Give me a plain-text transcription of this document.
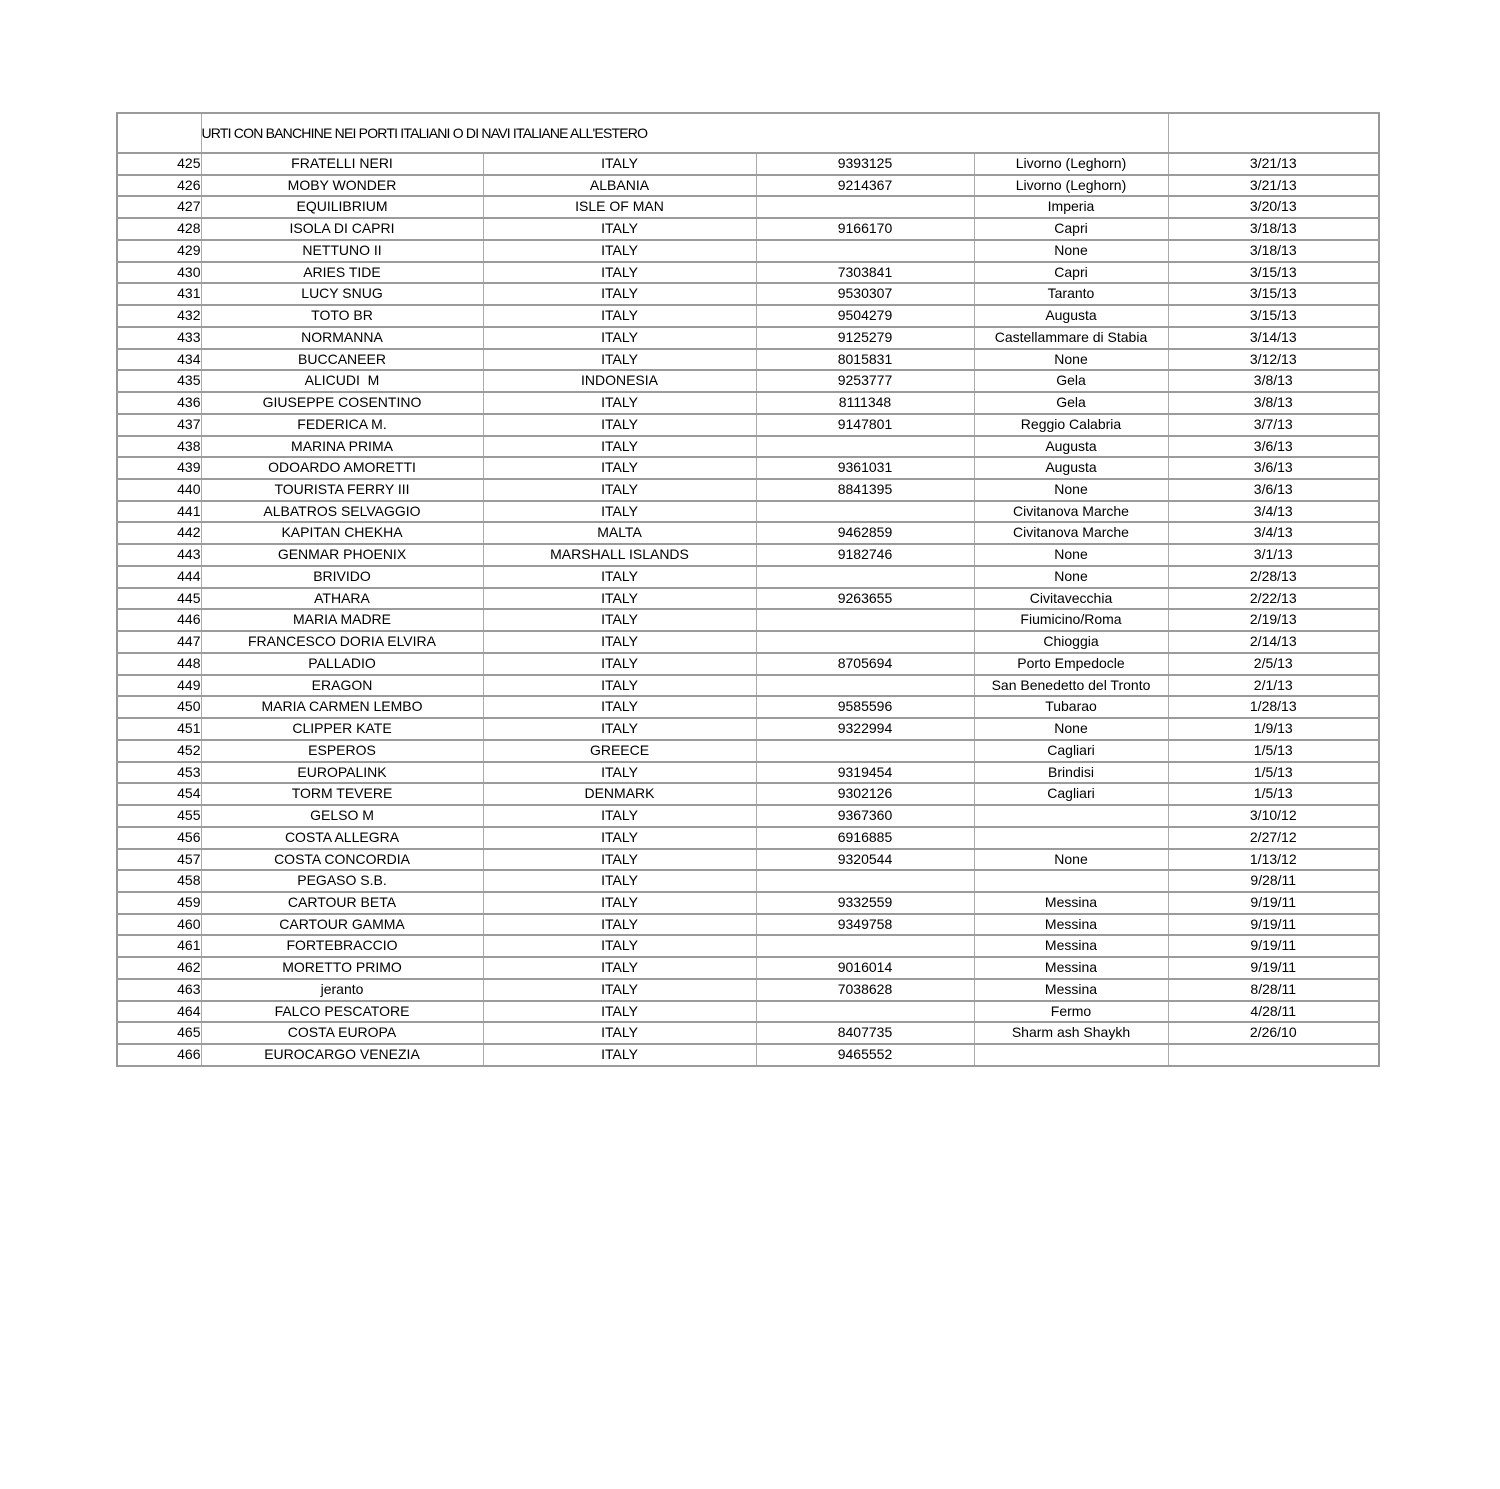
	URTI CON BANCHINE NEI PORTI ITALIANI O DI NAVI ITALIANE ALL'ESTERO				
425	FRATELLI NERI	ITALY	9393125	Livorno (Leghorn)	3/21/13
426	MOBY WONDER	ALBANIA	9214367	Livorno (Leghorn)	3/21/13
427	EQUILIBRIUM	ISLE OF MAN		Imperia	3/20/13
428	ISOLA DI CAPRI	ITALY	9166170	Capri	3/18/13
429	NETTUNO II	ITALY		None	3/18/13
430	ARIES TIDE	ITALY	7303841	Capri	3/15/13
431	LUCY SNUG	ITALY	9530307	Taranto	3/15/13
432	TOTO BR	ITALY	9504279	Augusta	3/15/13
433	NORMANNA	ITALY	9125279	Castellammare di Stabia	3/14/13
434	BUCCANEER	ITALY	8015831	None	3/12/13
435	ALICUDI  M	INDONESIA	9253777	Gela	3/8/13
436	GIUSEPPE COSENTINO	ITALY	8111348	Gela	3/8/13
437	FEDERICA M.	ITALY	9147801	Reggio Calabria	3/7/13
438	MARINA PRIMA	ITALY		Augusta	3/6/13
439	ODOARDO AMORETTI	ITALY	9361031	Augusta	3/6/13
440	TOURISTA FERRY III	ITALY	8841395	None	3/6/13
441	ALBATROS SELVAGGIO	ITALY		Civitanova Marche	3/4/13
442	KAPITAN CHEKHA	MALTA	9462859	Civitanova Marche	3/4/13
443	GENMAR PHOENIX	MARSHALL ISLANDS	9182746	None	3/1/13
444	BRIVIDO	ITALY		None	2/28/13
445	ATHARA	ITALY	9263655	Civitavecchia	2/22/13
446	MARIA MADRE	ITALY		Fiumicino/Roma	2/19/13
447	FRANCESCO DORIA ELVIRA	ITALY		Chioggia	2/14/13
448	PALLADIO	ITALY	8705694	Porto Empedocle	2/5/13
449	ERAGON	ITALY		San Benedetto del Tronto	2/1/13
450	MARIA CARMEN LEMBO	ITALY	9585596	Tubarao	1/28/13
451	CLIPPER KATE	ITALY	9322994	None	1/9/13
452	ESPEROS	GREECE		Cagliari	1/5/13
453	EUROPALINK	ITALY	9319454	Brindisi	1/5/13
454	TORM TEVERE	DENMARK	9302126	Cagliari	1/5/13
455	GELSO M	ITALY	9367360		3/10/12
456	COSTA ALLEGRA	ITALY	6916885		2/27/12
457	COSTA CONCORDIA	ITALY	9320544	None	1/13/12
458	PEGASO S.B.	ITALY			9/28/11
459	CARTOUR BETA	ITALY	9332559	Messina	9/19/11
460	CARTOUR GAMMA	ITALY	9349758	Messina	9/19/11
461	FORTEBRACCIO	ITALY		Messina	9/19/11
462	MORETTO PRIMO	ITALY	9016014	Messina	9/19/11
463	jeranto	ITALY	7038628	Messina	8/28/11
464	FALCO PESCATORE	ITALY		Fermo	4/28/11
465	COSTA EUROPA	ITALY	8407735	Sharm ash Shaykh	2/26/10
466	EUROCARGO VENEZIA	ITALY	9465552		
